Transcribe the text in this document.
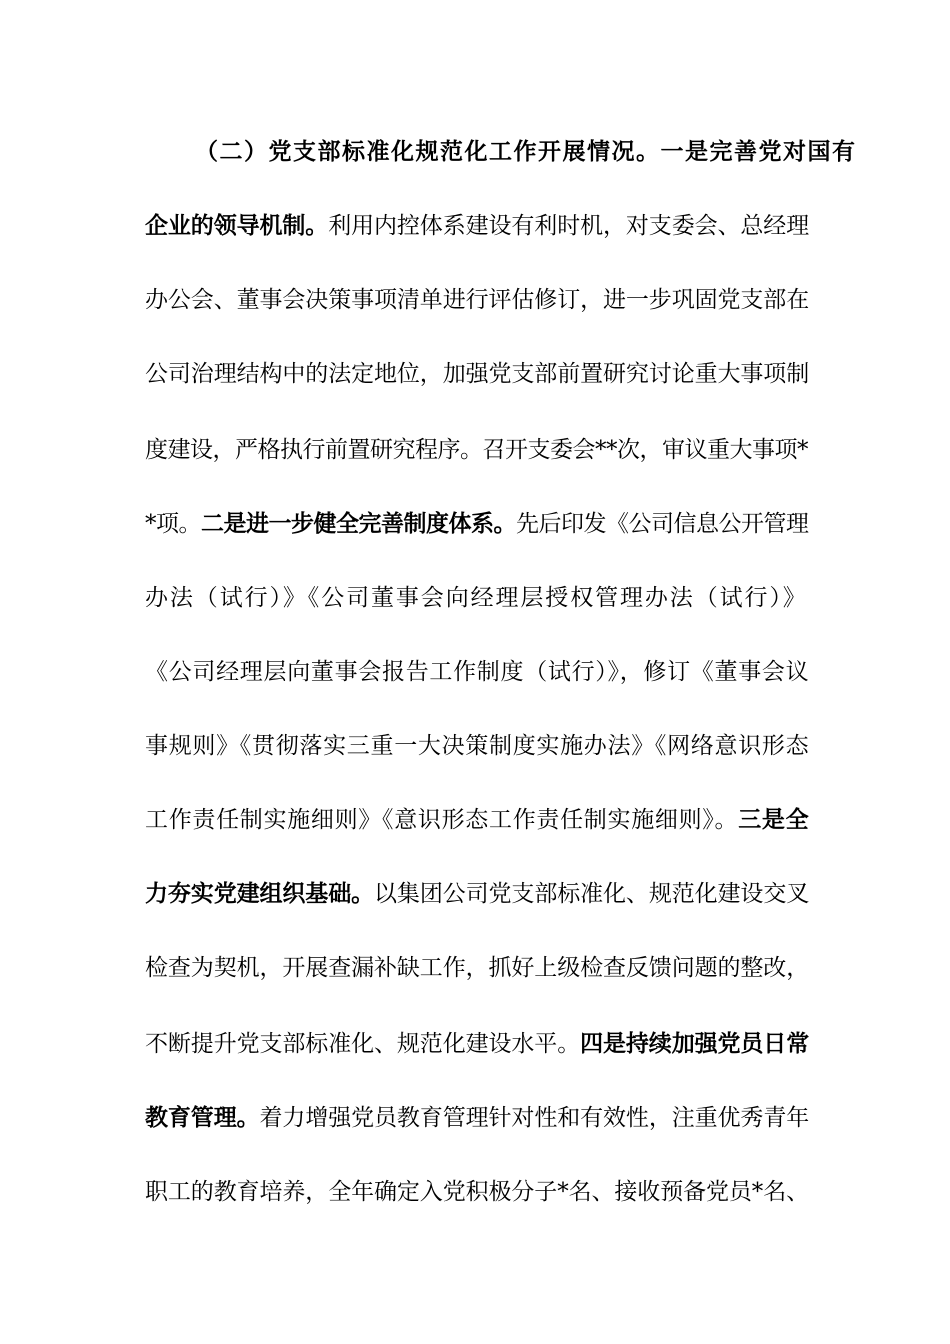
（二）党支部标准化规范化工作开展情况。一是完善党对国有
企业的领导机制。利用内控体系建设有利时机，对支委会、总经理
办公会、董事会决策事项清单进行评估修订，进一步巩固党支部在
公司治理结构中的法定地位，加强党支部前置研究讨论重大事项制
度建设，严格执行前置研究程序。召开支委会**次，审议重大事项*
*项。二是进一步健全完善制度体系。先后印发《公司信息公开管理
办法（试行）》《公司董事会向经理层授权管理办法（试行）》
《公司经理层向董事会报告工作制度（试行）》，修订《董事会议
事规则》《贯彻落实三重一大决策制度实施办法》《网络意识形态
工作责任制实施细则》《意识形态工作责任制实施细则》。三是全
力夯实党建组织基础。以集团公司党支部标准化、规范化建设交叉
检查为契机，开展查漏补缺工作，抓好上级检查反馈问题的整改，
不断提升党支部标准化、规范化建设水平。四是持续加强党员日常
教育管理。着力增强党员教育管理针对性和有效性，注重优秀青年
职工的教育培养，全年确定入党积极分子*名、接收预备党员*名、
